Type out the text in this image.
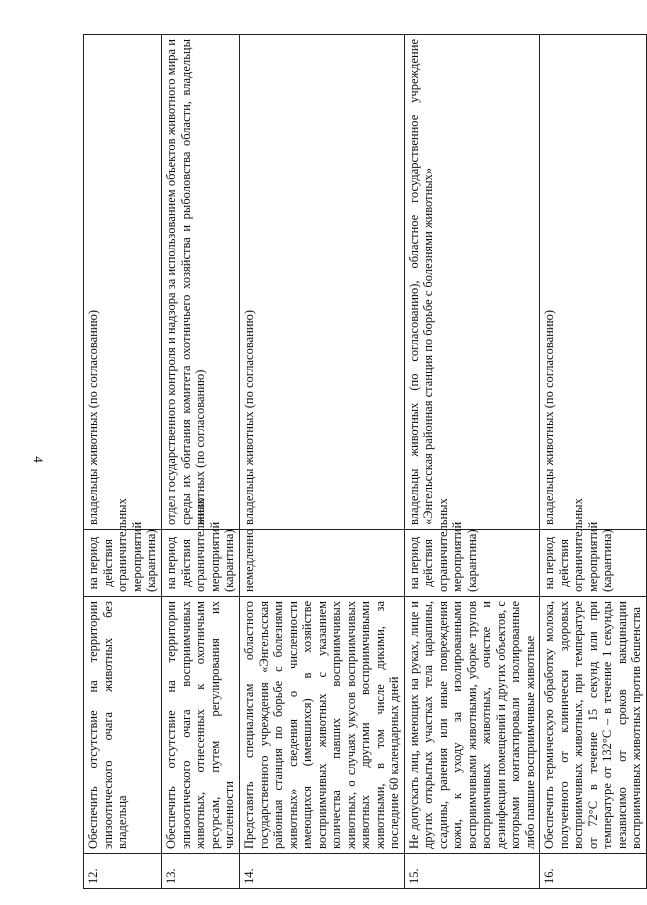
4
12.	Обеспечить отсутствие на территории эпизоотического очага животных без владельца	на период действия ограничительных мероприятий (карантина)	владельцы животных (по согласованию)
13.	Обеспечить отсутствие на территории эпизоотического очага восприимчивых животных, отнесенных к охотничьим ресурсам, путем регулирования их численности	на период действия ограничительных мероприятий (карантина)	отдел государственного контроля и надзора за использованием объектов животного мира и среды их обитания комитета охотничьего хозяйства и рыболовства области, владельцы животных (по согласованию)
14.	Представить специалистам областного государственного учреждения «Энгельсская районная станция по борьбе с болезнями животных» сведения о численности имеющихся (имевшихся) в хозяйстве восприимчивых животных с указанием количества павших восприимчивых животных, о случаях укусов восприимчивых животных другими восприимчивыми животными, в том числе дикими, за последние 60 календарных дней	немедленно	владельцы животных (по согласованию)
15.	Не допускать лиц, имеющих на руках, лице и других открытых участках тела царапины, ссадины, ранения или иные повреждения кожи, к уходу за изолированными восприимчивыми животными, уборке трупов восприимчивых животных, очистке и дезинфекции помещений и других объектов, с которыми контактировали изолированные либо павшие восприимчивые животные	на период действия ограничительных мероприятий (карантина)	владельцы животных (по согласованию), областное государственное учреждение «Энгельсская районная станция по борьбе с болезнями животных»
16.	Обеспечить термическую обработку молока, полученного от клинически здоровых восприимчивых животных, при температуре от 72°С в течение 15 секунд или при температуре от 132°С – в течение 1 секунды независимо от сроков вакцинации восприимчивых животных против бешенства	на период действия ограничительных мероприятий (карантина)	владельцы животных (по согласованию)
